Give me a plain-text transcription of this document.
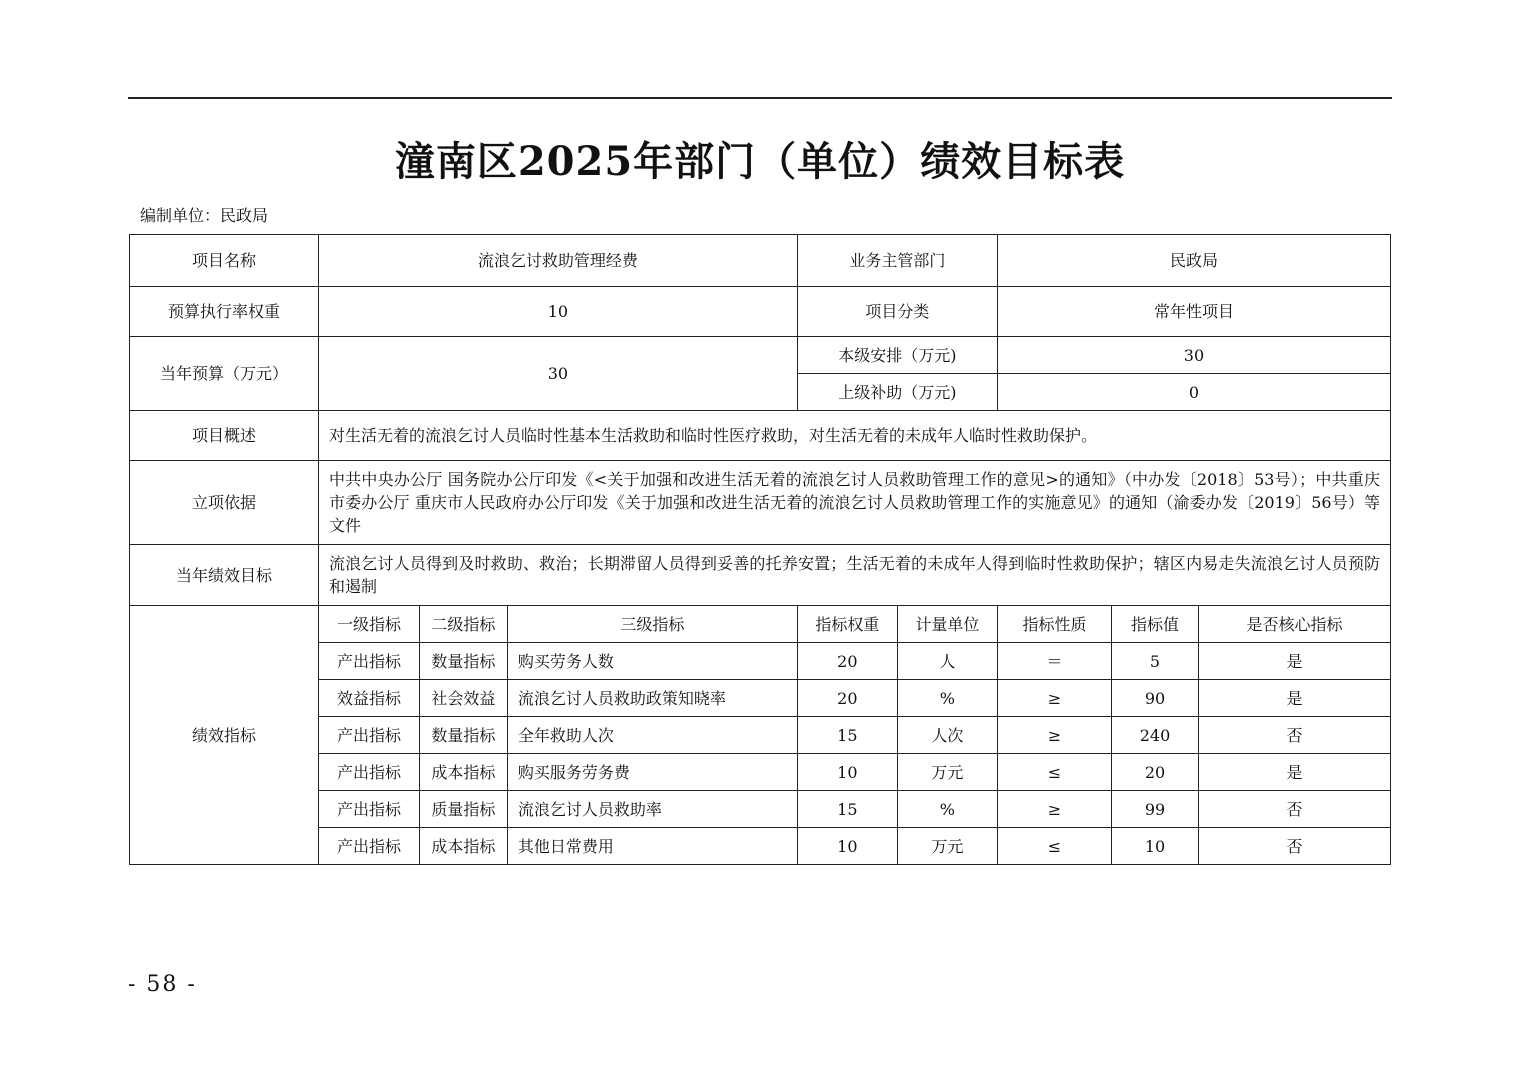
潼南区2025年部门（单位）绩效目标表
编制单位：民政局
项目名称	流浪乞讨救助管理经费			业务主管部门		民政局		
预算执行率权重	10			项目分类		常年性项目		
当年预算（万元）	30			本级安排（万元)		30		
				上级补助（万元)		0		
项目概述	对生活无着的流浪乞讨人员临时性基本生活救助和临时性医疗救助，对生活无着的未成年人临时性救助保护。							
立项依据	中共中央办公厅 国务院办公厅印发《<关于加强和改进生活无着的流浪乞讨人员救助管理工作的意见>的通知》（中办发〔2018〕53号）；中共重庆市委办公厅 重庆市人民政府办公厅印发《关于加强和改进生活无着的流浪乞讨人员救助管理工作的实施意见》的通知（渝委办发〔2019〕56号）等文件							
当年绩效目标	流浪乞讨人员得到及时救助、救治；长期滞留人员得到妥善的托养安置；生活无着的未成年人得到临时性救助保护；辖区内易走失流浪乞讨人员预防和遏制							
绩效指标	一级指标	二级指标	三级指标	指标权重	计量单位	指标性质	指标值	是否核心指标
	产出指标	数量指标	购买劳务人数	20	人	＝	5	是
	效益指标	社会效益	流浪乞讨人员救助政策知晓率	20	%	≥	90	是
	产出指标	数量指标	全年救助人次	15	人次	≥	240	否
	产出指标	成本指标	购买服务劳务费	10	万元	≤	20	是
	产出指标	质量指标	流浪乞讨人员救助率	15	%	≥	99	否
	产出指标	成本指标	其他日常费用	10	万元	≤	10	否
- 58 -
